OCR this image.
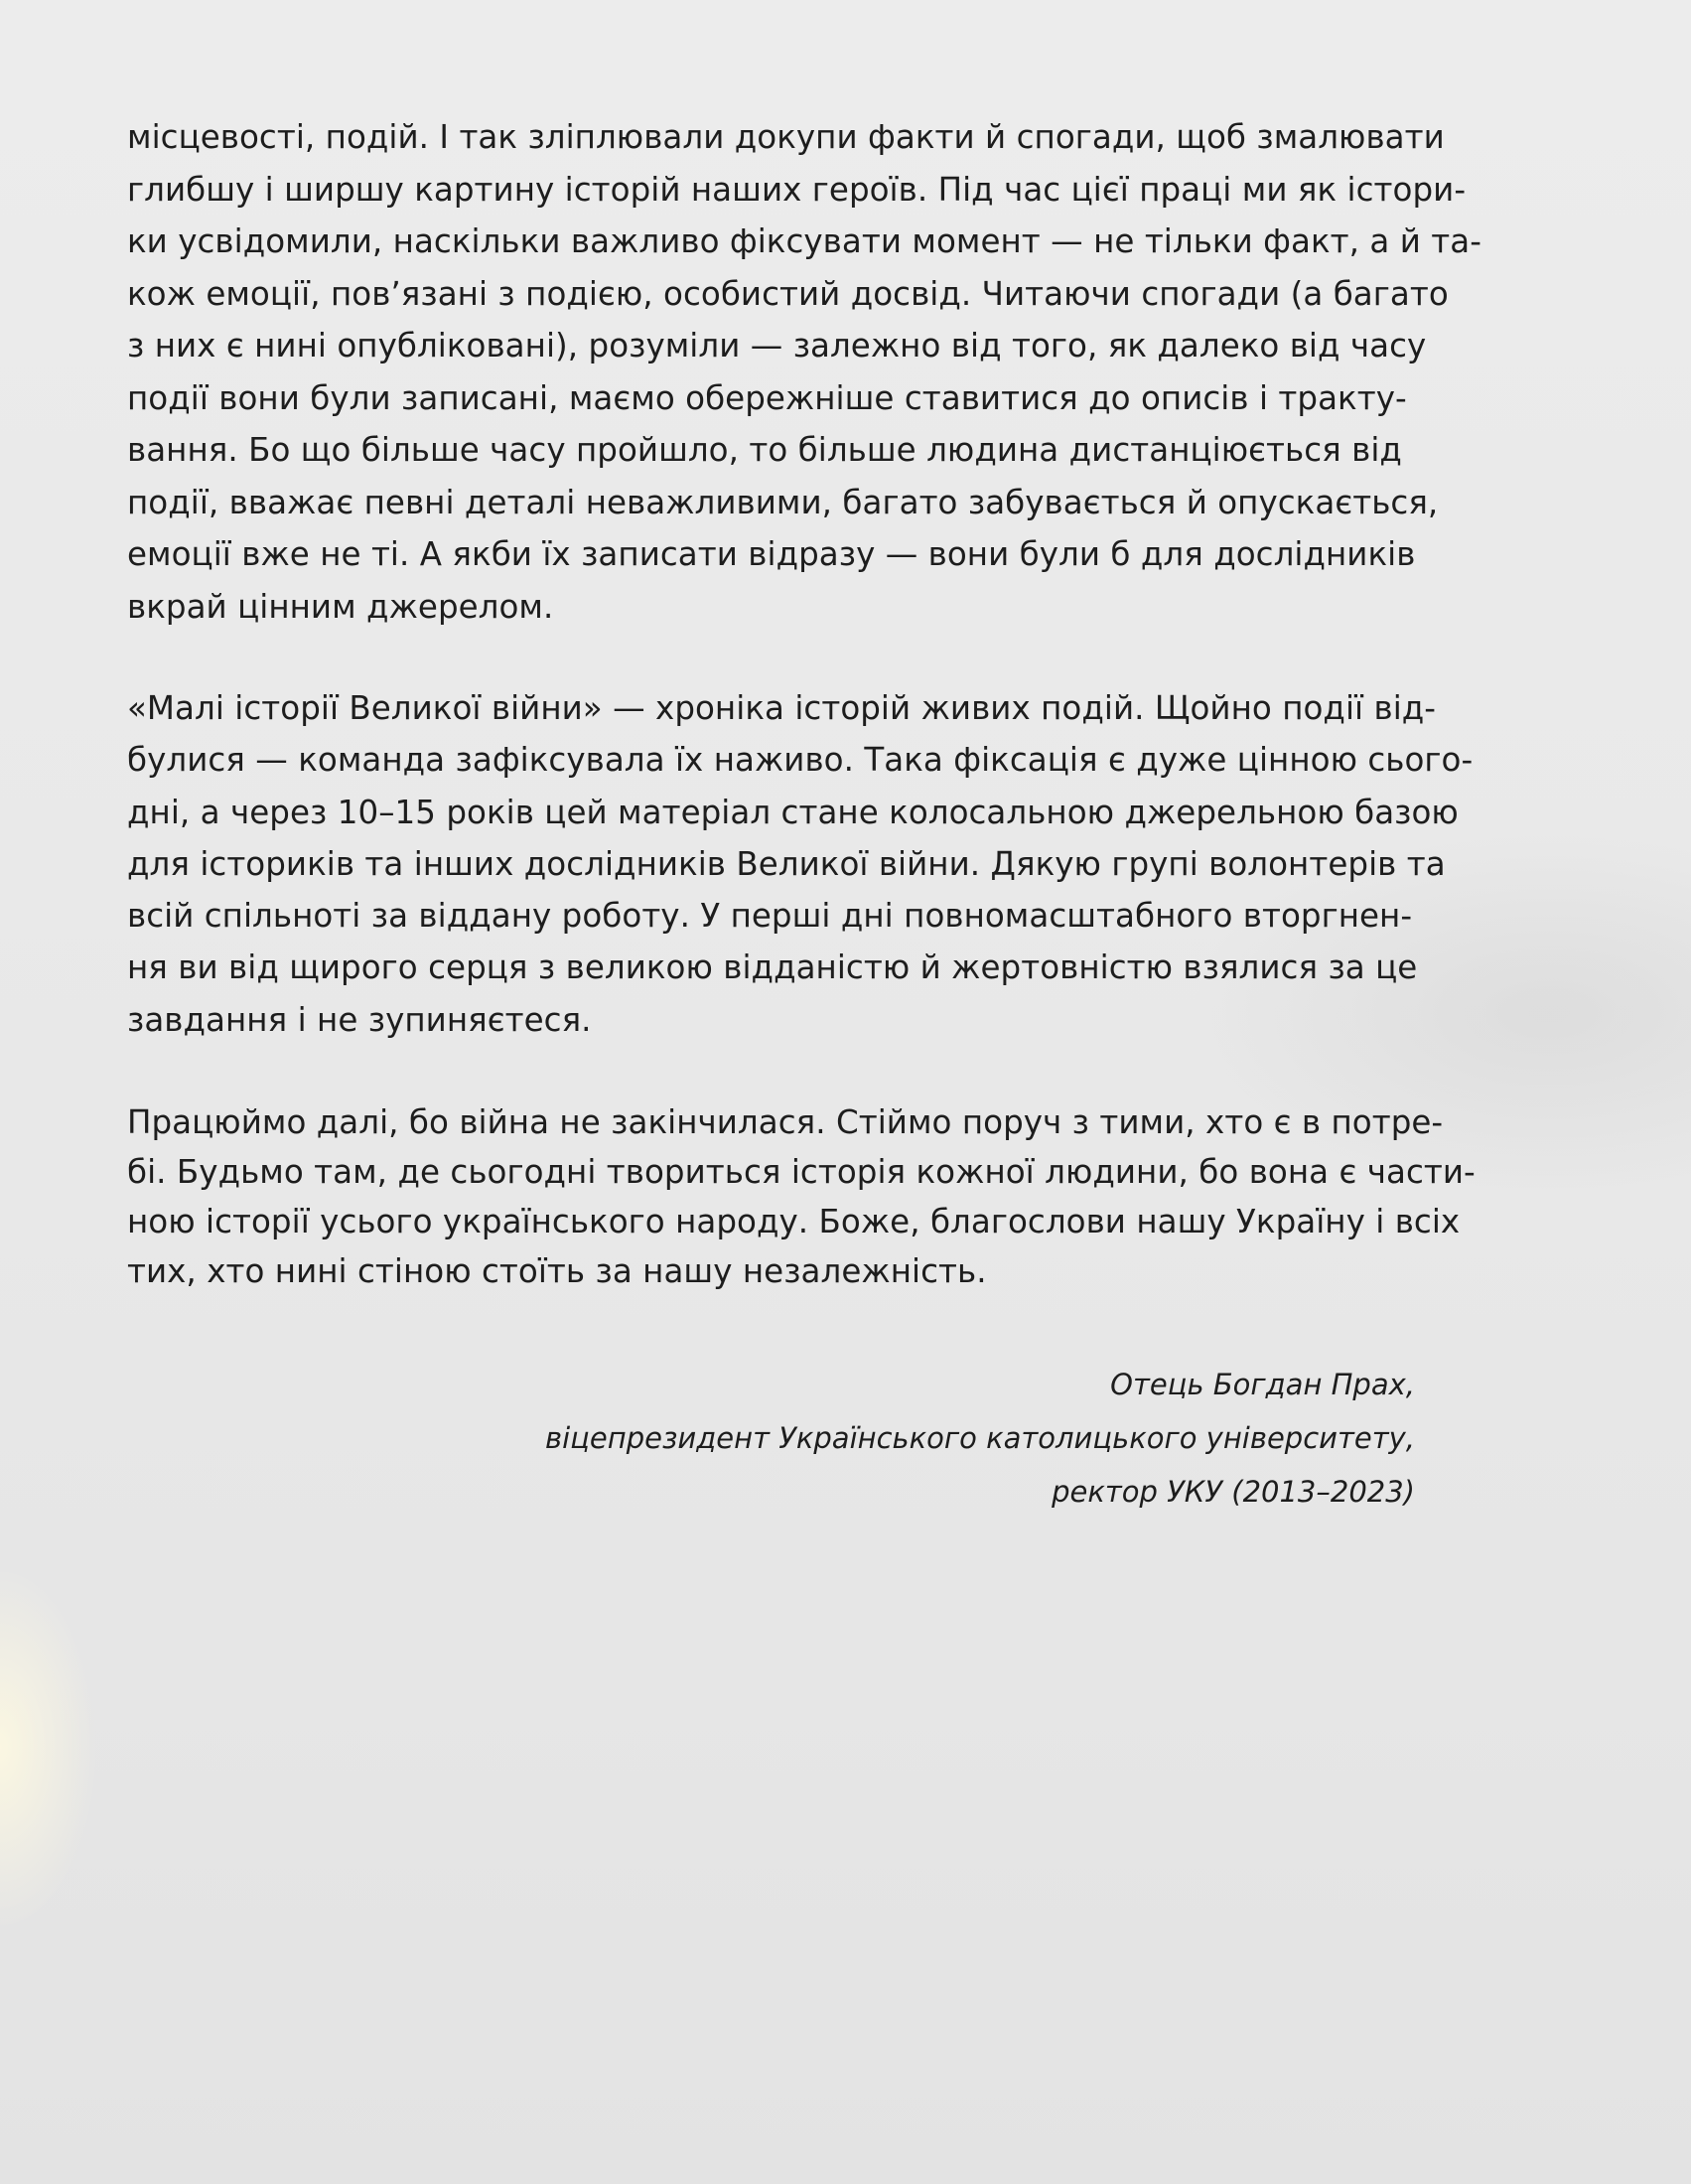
місцевості, подій. І так зліплювали докупи факти й спогади, щоб змалювати
глибшу і ширшу картину історій наших героїв. Під час цієї праці ми як істори-
ки усвідомили, наскільки важливо фіксувати момент — не тільки факт, а й та-
кож емоції, пов’язані з подією, особистий досвід. Читаючи спогади (а багато
з них є нині опубліковані), розуміли — залежно від того, як далеко від часу
події вони були записані, маємо обережніше ставитися до описів і тракту-
вання. Бо що більше часу пройшло, то більше людина дистанціюється від
події, вважає певні деталі неважливими, багато забувається й опускається,
емоції вже не ті. А якби їх записати відразу — вони були б для дослідників
вкрай цінним джерелом.

«Малі історії Великої війни» — хроніка історій живих подій. Щойно події від-
булися — команда зафіксувала їх наживо. Така фіксація є дуже цінною сього-
дні, а через 10–15 років цей матеріал стане колосальною джерельною базою
для істориків та інших дослідників Великої війни. Дякую групі волонтерів та
всій спільноті за віддану роботу. У перші дні повномасштабного вторгнен-
ня ви від щирого серця з великою відданістю й жертовністю взялися за це
завдання і не зупиняєтеся.

Працюймо далі, бо війна не закінчилася. Стіймо поруч з тими, хто є в потре-
бі. Будьмо там, де сьогодні твориться історія кожної людини, бо вона є части-
ною історії усього українського народу. Боже, благослови нашу Україну і всіх
тих, хто нині стіною стоїть за нашу незалежність.

Отець Богдан Прах,
віцепрезидент Українського католицького університету,
ректор УКУ (2013–2023)
